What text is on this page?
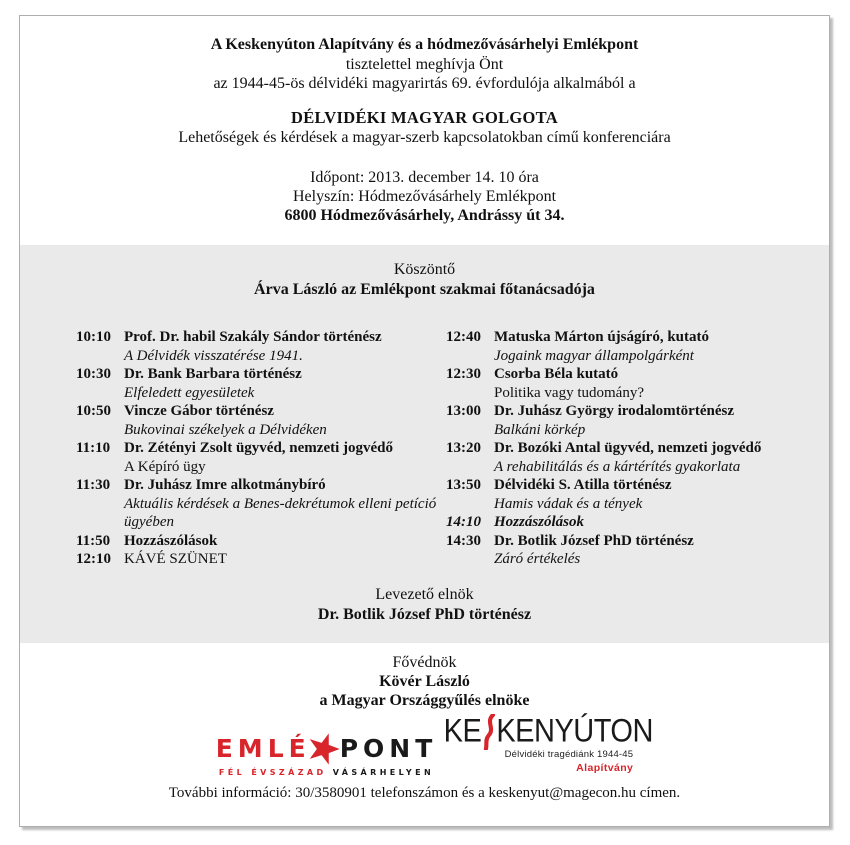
A Keskenyúton Alapítvány és a hódmezővásárhelyi Emlékpont
tisztelettel meghívja Önt
az 1944-45-ös délvidéki magyarirtás 69. évfordulója alkalmából a
DÉLVIDÉKI MAGYAR GOLGOTA
Lehetőségek és kérdések a magyar-szerb kapcsolatokban című konferenciára
Időpont: 2013. december 14. 10 óra
Helyszín: Hódmezővásárhely Emlékpont
6800 Hódmezővásárhely, Andrássy út 34.
Köszöntő
Árva László az Emlékpont szakmai főtanácsadója
10:10 Prof. Dr. habil Szakály Sándor történész
A Délvidék visszatérése 1941.
10:30 Dr. Bank Barbara történész
Elfeledett egyesületek
10:50 Vincze Gábor történész
Bukovinai székelyek a Délvidéken
11:10 Dr. Zétényi Zsolt ügyvéd, nemzeti jogvédő
A Képíró ügy
11:30 Dr. Juhász Imre alkotmánybíró
Aktuális kérdések a Benes-dekrétumok elleni petíció ügyében
11:50 Hozzászólások
12:10 KÁVÉ SZÜNET
12:40 Matuska Márton újságíró, kutató
Jogaink magyar állampolgárként
12:30 Csorba Béla kutató
Politika vagy tudomány?
13:00 Dr. Juhász György irodalomtörténész
Balkáni körkép
13:20 Dr. Bozóki Antal ügyvéd, nemzeti jogvédő
A rehabilitálás és a kártérítés gyakorlata
13:50 Délvidéki S. Atilla történész
Hamis vádak és a tények
14:10 Hozzászólások
14:30 Dr. Botlik József PhD történész
Záró értékelés
Levezető elnök
Dr. Botlik József PhD történész
Fővédnök
Kövér László
a Magyar Országgyűlés elnöke
EMLÉ PONT
FÉL ÉVSZÁZAD VÁSÁRHELYEN
KE KENYÚTON
Délvidéki tragédiánk 1944-45
Alapítvány
További információ: 30/3580901 telefonszámon és a keskenyut@magecon.hu címen.
